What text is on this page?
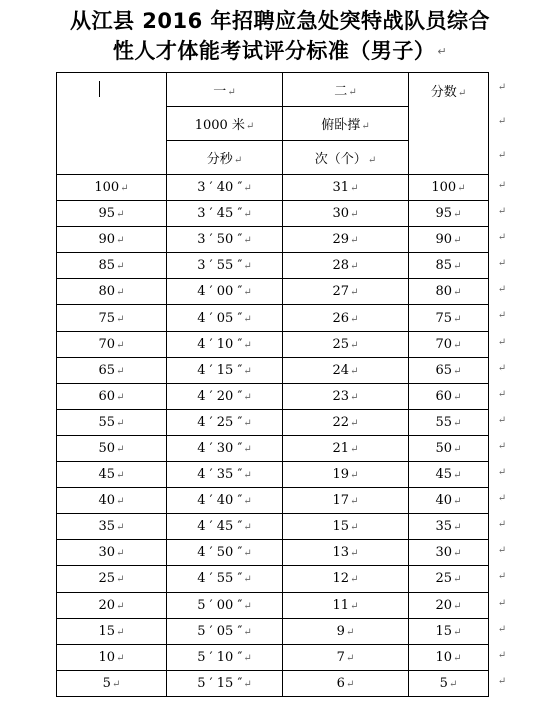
从江县 2016 年招聘应急处突特战队员综合
性人才体能考试评分标准（男子） ↵
	一↵	二↵	分数↵
	1000 米↵	俯卧撑↵	
	分秒↵	次（个）↵	
100↵	3 ′ 40 ″↵	31↵	100↵
95↵	3 ′ 45 ″↵	30↵	95↵
90↵	3 ′ 50 ″↵	29↵	90↵
85↵	3 ′ 55 ″↵	28↵	85↵
80↵	4 ′ 00 ″↵	27↵	80↵
75↵	4 ′ 05 ″↵	26↵	75↵
70↵	4 ′ 10 ″↵	25↵	70↵
65↵	4 ′ 15 ″↵	24↵	65↵
60↵	4 ′ 20 ″↵	23↵	60↵
55↵	4 ′ 25 ″↵	22↵	55↵
50↵	4 ′ 30 ″↵	21↵	50↵
45↵	4 ′ 35 ″↵	19↵	45↵
40↵	4 ′ 40 ″↵	17↵	40↵
35↵	4 ′ 45 ″↵	15↵	35↵
30↵	4 ′ 50 ″↵	13↵	30↵
25↵	4 ′ 55 ″↵	12↵	25↵
20↵	5 ′ 00 ″↵	11↵	20↵
15↵	5 ′ 05 ″↵	9↵	15↵
10↵	5 ′ 10 ″↵	7↵	10↵
5↵	5 ′ 15 ″↵	6↵	5↵
↵
↵
↵
↵
↵
↵
↵
↵
↵
↵
↵
↵
↵
↵
↵
↵
↵
↵
↵
↵
↵
↵
↵
